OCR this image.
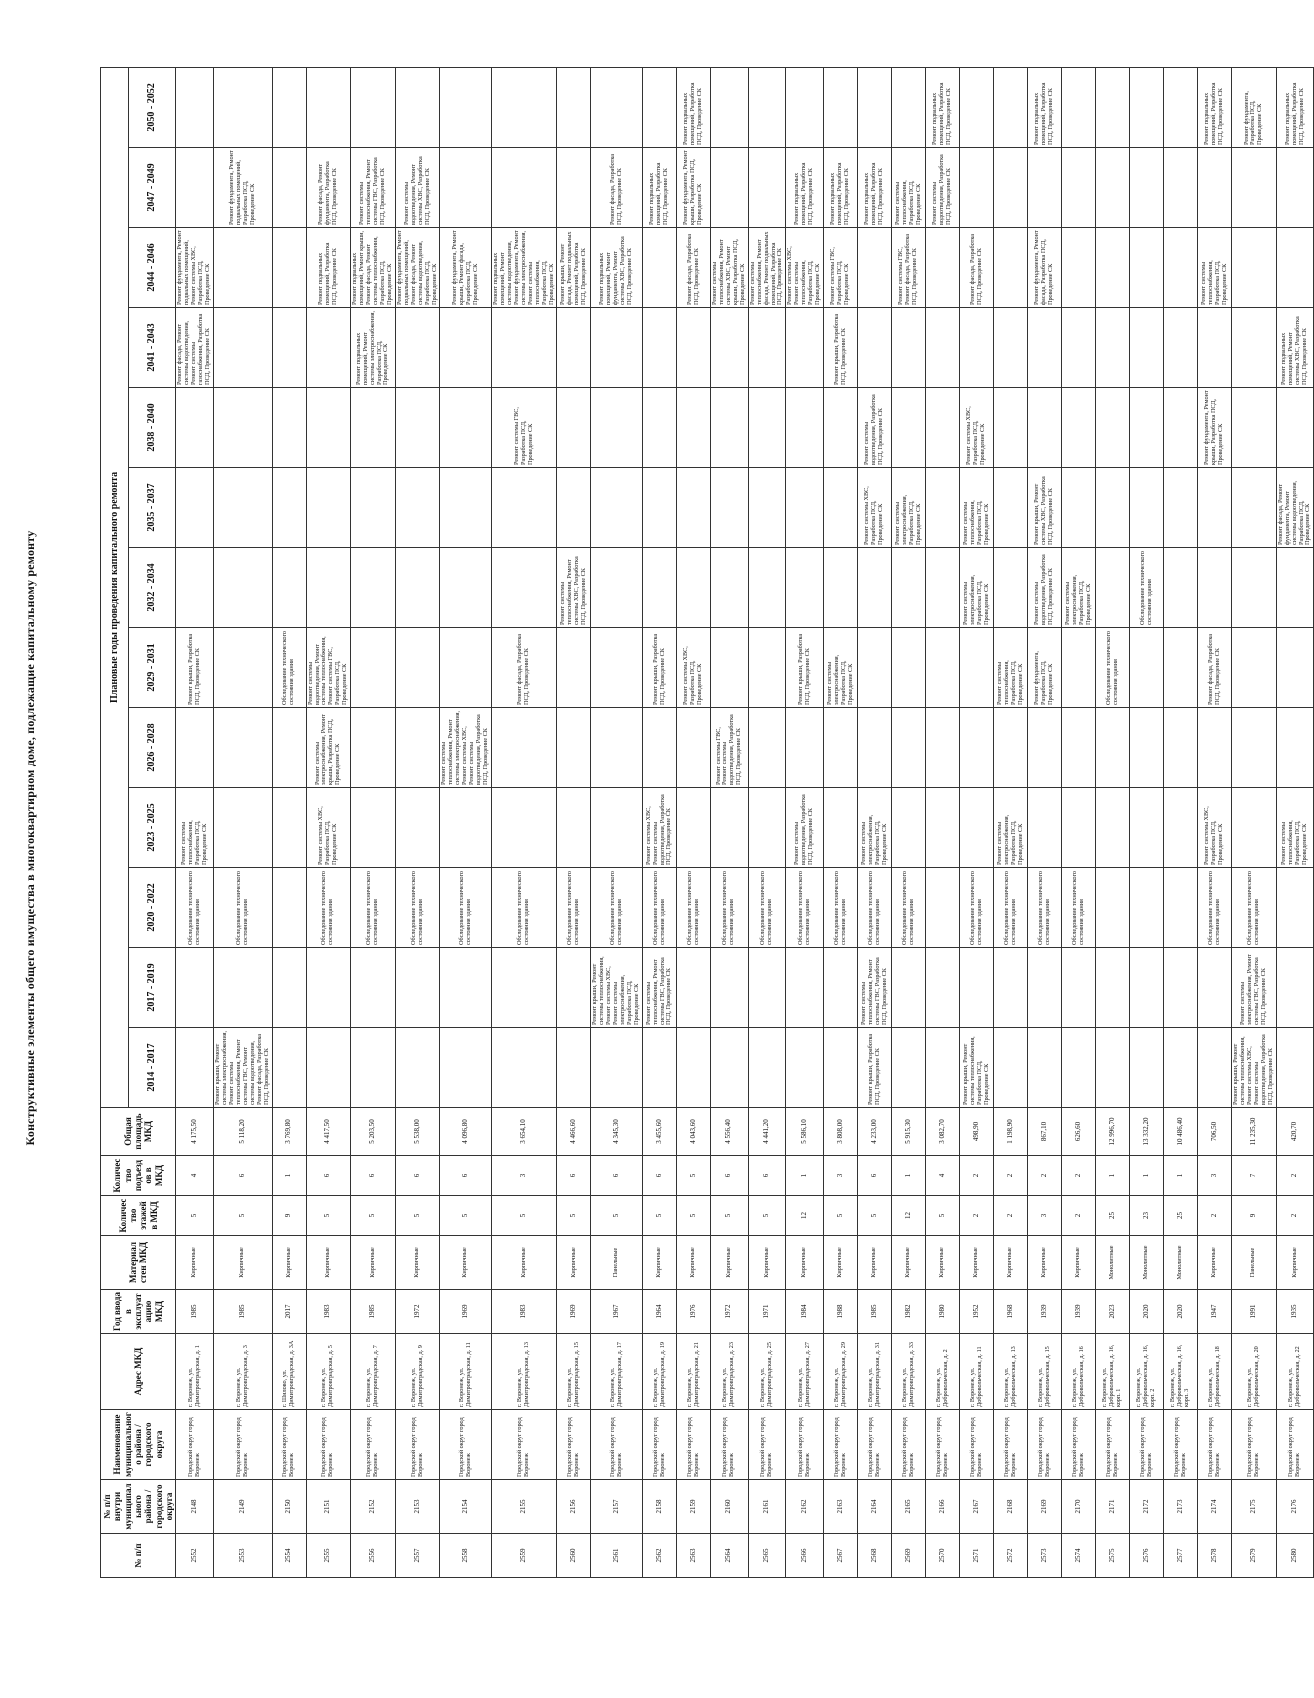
Конструктивные элементы общего имущества в многоквартирном доме, подлежащие капитальному ремонту
№ п/п	№ п/п внутри муниципального района / городского округа	Наименование муниципального района / городского округа	Адрес МКД	Год ввода в эксплуатацию МКД	Материал стен МКД	Количество этажей в МКД	Количество подъездов в МКД	Общая площадь МКД	Плановые годы проведения капитального ремонта												
									2014 - 2017	2017 - 2019	2020 - 2022	2023 - 2025	2026 - 2028	2029 - 2031	2032 - 2034	2035 - 2037	2038 - 2040	2041 - 2043	2044 - 2046	2047 - 2049	2050 - 2052
2552	2148	Городской округ город Воронеж	г. Воронеж, ул. Димитровградская, д. 1	1985	Кирпичные	5	4	4 175,50			Обследование технического состояния здания	Ремонт системы теплоснабжения, Разработка ПСД, Проведение СК		Ремонт крыши, Разработка ПСД, Проведение СК				Ремонт фасада, Ремонт системы водоотведения, Ремонт системы газоснабжения, Разработка ПСД, Проведение СК	Ремонт фундамента, Ремонт подвальных помещений, Ремонт системы ХВС, Разработка ПСД, Проведение СК		
2553	2149	Городской округ город Воронеж	г. Воронеж, ул. Димитровградская, д. 3	1985	Кирпичные	5	6	5 118,20	Ремонт крыши, Ремонт системы электроснабжения, Ремонт системы теплоснабжения, Ремонт системы ГВС, Ремонт системы водоотведения, Ремонт фасада, Разработка ПСД, Проведение СК		Обследование технического состояния здания									Ремонт фундамента, Ремонт подвальных помещений, Разработка ПСД, Проведение СК	
2554	2150	Городской округ город Воронеж	г. Шилово, ул. Димитровградская, д. 3А	2017	Кирпичные	9	1	3 769,80						Обследование технического состояния здания							
2555	2151	Городской округ город Воронеж	г. Воронеж, ул. Димитровградская, д. 5	1983	Кирпичные	5	6	4 417,50			Обследование технического состояния здания	Ремонт системы ХВС, Разработка ПСД, Проведение СК	Ремонт системы электроснабжения, Ремонт крыши, Разработка ПСД, Проведение СК	Ремонт системы водоотведения, Ремонт системы теплоснабжения, Ремонт системы ГВС, Разработка ПСД, Проведение СК					Ремонт подвальных помещений, Разработка ПСД, Проведение СК	Ремонт фасада, Ремонт фундамента, Разработка ПСД, Проведение СК	
2556	2152	Городской округ город Воронеж	г. Воронеж, ул. Димитровградская, д. 7	1985	Кирпичные	5	6	5 203,50			Обследование технического состояния здания							Ремонт подвальных помещений, Ремонт системы электроснабжения, Разработка ПСД, Проведение СК	Ремонт подвальных помещений, Ремонт крыши, Ремонт фасада, Ремонт системы теплоснабжения, Разработка ПСД, Проведение СК	Ремонт системы теплоснабжения, Ремонт системы ГВС, Разработка ПСД, Проведение СК	
2557	2153	Городской округ город Воронеж	г. Воронеж, ул. Димитровградская, д. 9	1972	Кирпичные	5	6	5 538,00			Обследование технического состояния здания								Ремонт фундамента, Ремонт подвальных помещений, Ремонт фасада, Ремонт системы водоотведения, Разработка ПСД, Проведение СК	Ремонт системы водоотведения, Ремонт системы ХВС, Разработка ПСД, Проведение СК	
2558	2154	Городской округ город Воронеж	г. Воронеж, ул. Димитровградская, д. 11	1969	Кирпичные	5	6	4 096,80			Обследование технического состояния здания		Ремонт системы теплоснабжения, Ремонт системы электроснабжения, Ремонт системы ХВС, Ремонт системы водоотведения, Разработка ПСД, Проведение СК						Ремонт фундамента, Ремонт крыши, Ремонт фасада, Разработка ПСД, Проведение СК		
2559	2155	Городской округ город Воронеж	г. Воронеж, ул. Димитровградская, д. 13	1983	Кирпичные	5	3	3 654,10			Обследование технического состояния здания			Ремонт фасада, Разработка ПСД, Проведение СК			Ремонт системы ГВС, Разработка ПСД, Проведение СК		Ремонт подвальных помещений, Ремонт системы водоотведения, Ремонт фундамента, Ремонт системы электроснабжения, Ремонт системы теплоснабжения, Разработка ПСД, Проведение СК		
2560	2156	Городской округ город Воронеж	г. Воронеж, ул. Димитровградская, д. 15	1969	Кирпичные	5	6	4 466,60			Обследование технического состояния здания				Ремонт системы теплоснабжения, Ремонт системы ХВС, Разработка ПСД, Проведение СК				Ремонт крыши, Ремонт фасада, Ремонт подвальных помещений, Разработка ПСД, Проведение СК		
2561	2157	Городской округ город Воронеж	г. Воронеж, ул. Димитровградская, д. 17	1967	Панельные	5	6	4 345,30		Ремонт крыши, Ремонт системы теплоснабжения, Ремонт системы ХВС, Ремонт системы электроснабжения, Разработка ПСД, Проведение СК	Обследование технического состояния здания								Ремонт подвальных помещений, Ремонт фундамента, Ремонт системы ХВС, Разработка ПСД, Проведение СК	Ремонт фасада, Разработка ПСД, Проведение СК	
2562	2158	Городской округ город Воронеж	г. Воронеж, ул. Димитровградская, д. 19	1964	Кирпичные	5	6	3 455,60		Ремонт системы теплоснабжения, Ремонт системы ГВС, Разработка ПСД, Проведение СК	Обследование технического состояния здания	Ремонт системы ХВС, Ремонт системы водоотведения, Разработка ПСД, Проведение СК		Ремонт крыши, Разработка ПСД, Проведение СК						Ремонт подвальных помещений, Разработка ПСД, Проведение СК	
2563	2159	Городской округ город Воронеж	г. Воронеж, ул. Димитровградская, д. 21	1976	Кирпичные	5	5	4 043,60			Обследование технического состояния здания			Ремонт системы ХВС, Разработка ПСД, Проведение СК					Ремонт фасада, Разработка ПСД, Проведение СК	Ремонт фундамента, Ремонт крыши, Разработка ПСД, Проведение СК	Ремонт подвальных помещений, Разработка ПСД, Проведение СК
2564	2160	Городской округ город Воронеж	г. Воронеж, ул. Димитровградская, д. 23	1972	Кирпичные	5	6	4 556,40			Обследование технического состояния здания		Ремонт системы ГВС, Ремонт системы водоотведения, Разработка ПСД, Проведение СК						Ремонт системы теплоснабжения, Ремонт системы ХВС, Ремонт крыши, Разработка ПСД, Проведение СК		
2565	2161	Городской округ город Воронеж	г. Воронеж, ул. Димитровградская, д. 25	1971	Кирпичные	5	6	4 441,20			Обследование технического состояния здания								Ремонт системы теплоснабжения, Ремонт фасада, Ремонт подвальных помещений, Разработка ПСД, Проведение СК		
2566	2162	Городской округ город Воронеж	г. Воронеж, ул. Димитровградская, д. 27	1984	Кирпичные	12	1	5 586,10			Обследование технического состояния здания	Ремонт системы водоотведения, Разработка ПСД, Проведение СК		Ремонт крыши, Разработка ПСД, Проведение СК					Ремонт системы ХВС, Ремонт системы теплоснабжения, Разработка ПСД, Проведение СК	Ремонт подвальных помещений, Разработка ПСД, Проведение СК	
2567	2163	Городской округ город Воронеж	г. Воронеж, ул. Димитровградская, д. 29	1988	Кирпичные	5	3	3 808,00			Обследование технического состояния здания			Ремонт системы электроснабжения, Разработка ПСД, Проведение СК				Ремонт крыши, Разработка ПСД, Проведение СК	Ремонт системы ГВС, Разработка ПСД, Проведение СК	Ремонт подвальных помещений, Разработка ПСД, Проведение СК	
2568	2164	Городской округ город Воронеж	г. Воронеж, ул. Димитровградская, д. 31	1985	Кирпичные	5	6	4 233,00	Ремонт крыши, Разработка ПСД, Проведение СК	Ремонт системы теплоснабжения, Ремонт системы ГВС, Разработка ПСД, Проведение СК	Обследование технического состояния здания	Ремонт системы электроснабжения, Разработка ПСД, Проведение СК				Ремонт системы ХВС, Разработка ПСД, Проведение СК	Ремонт системы водоотведения, Разработка ПСД, Проведение СК			Ремонт подвальных помещений, Разработка ПСД, Проведение СК	
2569	2165	Городской округ город Воронеж	г. Воронеж, ул. Димитровградская, д. 33	1982	Кирпичные	12	1	5 915,30			Обследование технического состояния здания					Ремонт системы электроснабжения, Разработка ПСД, Проведение СК			Ремонт системы ГВС, Ремонт фасада, Разработка ПСД, Проведение СК	Ремонт системы теплоснабжения, Разработка ПСД, Проведение СК	
2570	2166	Городской округ город Воронеж	г. Воронеж, ул. Добровольческая, д. 2	1980	Кирпичные	5	4	3 082,70												Ремонт системы водоотведения, Разработка ПСД, Проведение СК	Ремонт подвальных помещений, Разработка ПСД, Проведение СК
2571	2167	Городской округ город Воронеж	г. Воронеж, ул. Добровольческая, д. 11	1952	Кирпичные	2	2	498,90	Ремонт крыши, Ремонт системы теплоснабжения, Разработка ПСД, Проведение СК		Обследование технического состояния здания				Ремонт системы электроснабжения, Разработка ПСД, Проведение СК	Ремонт системы теплоснабжения, Разработка ПСД, Проведение СК	Ремонт системы ХВС, Разработка ПСД, Проведение СК		Ремонт фасада, Разработка ПСД, Проведение СК		
2572	2168	Городской округ город Воронеж	г. Воронеж, ул. Добровольческая, д. 13	1968	Кирпичные	2	2	1 198,90			Обследование технического состояния здания	Ремонт системы электроснабжения, Разработка ПСД, Проведение СК		Ремонт системы теплоснабжения, Разработка ПСД, Проведение СК							
2573	2169	Городской округ город Воронеж	г. Воронеж, ул. Добровольческая, д. 15	1939	Кирпичные	3	2	867,10			Обследование технического состояния здания			Ремонт фундамента, Разработка ПСД, Проведение СК	Ремонт системы водоотведения, Разработка ПСД, Проведение СК	Ремонт крыши, Ремонт системы ХВС, Разработка ПСД, Проведение СК			Ремонт фундамента, Ремонт фасада, Разработка ПСД, Проведение СК		Ремонт подвальных помещений, Разработка ПСД, Проведение СК
2574	2170	Городской округ город Воронеж	г. Воронеж, ул. Добровольческая, д. 16	1939	Кирпичные	2	2	626,60			Обследование технического состояния здания				Ремонт системы электроснабжения, Разработка ПСД, Проведение СК						
2575	2171	Городской округ город Воронеж	г. Воронеж, ул. Добровольческая, д. 16, корп. 1	2023	Монолитные	25	1	12 996,70						Обследование технического состояния здания							
2576	2172	Городской округ город Воронеж	г. Воронеж, ул. Добровольческая, д. 16, корп. 2	2020	Монолитные	23	1	13 332,20							Обследование технического состояния здания						
2577	2173	Городской округ город Воронеж	г. Воронеж, ул. Добровольческая, д. 16, корп. 3	2020	Монолитные	25	1	10 486,40													
2578	2174	Городской округ город Воронеж	г. Воронеж, ул. Добровольческая, д. 18	1947	Кирпичные	2	3	706,50			Обследование технического состояния здания	Ремонт системы ХВС, Разработка ПСД, Проведение СК		Ремонт фасада, Разработка ПСД, Проведение СК			Ремонт фундамента, Ремонт крыши, Разработка ПСД, Проведение СК		Ремонт системы теплоснабжения, Разработка ПСД, Проведение СК		Ремонт подвальных помещений, Разработка ПСД, Проведение СК
2579	2175	Городской округ город Воронеж	г. Воронеж, ул. Добровольческая, д. 20	1991	Панельные	9	7	11 235,30	Ремонт крыши, Ремонт системы теплоснабжения, Ремонт системы ХВС, Ремонт системы водоотведения, Разработка ПСД, Проведение СК	Ремонт системы электроснабжения, Ремонт системы ГВС, Разработка ПСД, Проведение СК	Обследование технического состояния здания										Ремонт фундамента, Разработка ПСД, Проведение СК
2580	2176	Городской округ город Воронеж	г. Воронеж, ул. Добровольческая, д. 22	1935	Кирпичные	2	2	420,70				Ремонт системы теплоснабжения, Разработка ПСД, Проведение СК				Ремонт фасада, Ремонт фундамента, Ремонт системы водоотведения, Разработка ПСД, Проведение СК		Ремонт подвальных помещений, Ремонт системы ХВС, Разработка ПСД, Проведение СК			Ремонт подвальных помещений, Разработка ПСД, Проведение СК
